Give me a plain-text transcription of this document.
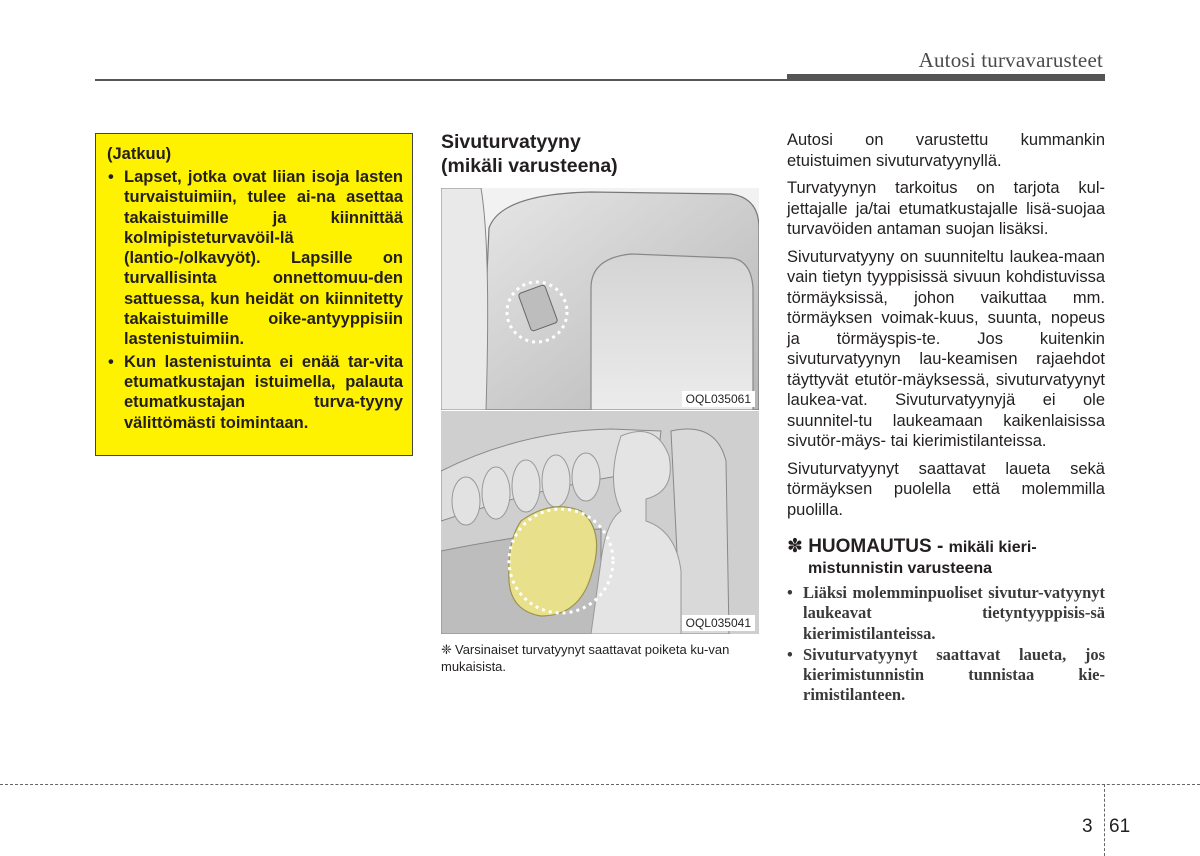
Autosi turvavarusteet
(Jatkuu)
• Lapset, jotka ovat liian isoja lasten turvaistuimiin, tulee ai-na asettaa takaistuimille ja kiinnittää kolmipisteturvavöil-lä (lantio-/olkavyöt). Lapsille on turvallisinta onnettomuu-den sattuessa, kun heidät on kiinnitetty takaistuimille oike-antyyppisiin lastenistuimiin.
• Kun lastenistuinta ei enää tar-vita etumatkustajan istuimella, palauta etumatkustajan turva-tyyny välittömästi toimintaan.
Sivuturvatyyny
(mikäli varusteena)
OQL035061
OQL035041
❈ Varsinaiset turvatyynyt saattavat poiketa ku-van mukaisista.

Autosi on varustettu kummankin etuistuimen sivuturvatyynyllä.

Turvatyynyn tarkoitus on tarjota kul-jettajalle ja/tai etumatkustajalle lisä-suojaa turvavöiden antaman suojan lisäksi.

Sivuturvatyyny on suunniteltu laukea-maan vain tietyn tyyppisissä sivuun kohdistuvissa törmäyksissä, johon vaikuttaa mm. törmäyksen voimak-kuus, suunta, nopeus ja törmäyspis-te. Jos kuitenkin sivuturvatyynyn lau-keamisen rajaehdot täyttyvät etutör-mäyksessä, sivuturvatyynyt laukea-vat. Sivuturvatyynyjä ei ole suunnitel-tu laukeamaan kaikenlaisissa sivutör-mäys- tai kierimistilanteissa.

Sivuturvatyynyt saattavat laueta sekä törmäyksen puolella että molemmilla puolilla.

✽ HUOMAUTUS - mikäli kieri-
mistunnistin varusteena
• Liäksi molemminpuoliset sivutur-vatyynyt laukeavat tietyntyyppisis-sä kierimistilanteissa.
• Sivuturvatyynyt saattavat laueta, jos kierimistunnistin tunnistaa kie-rimistilanteen.
3 61
